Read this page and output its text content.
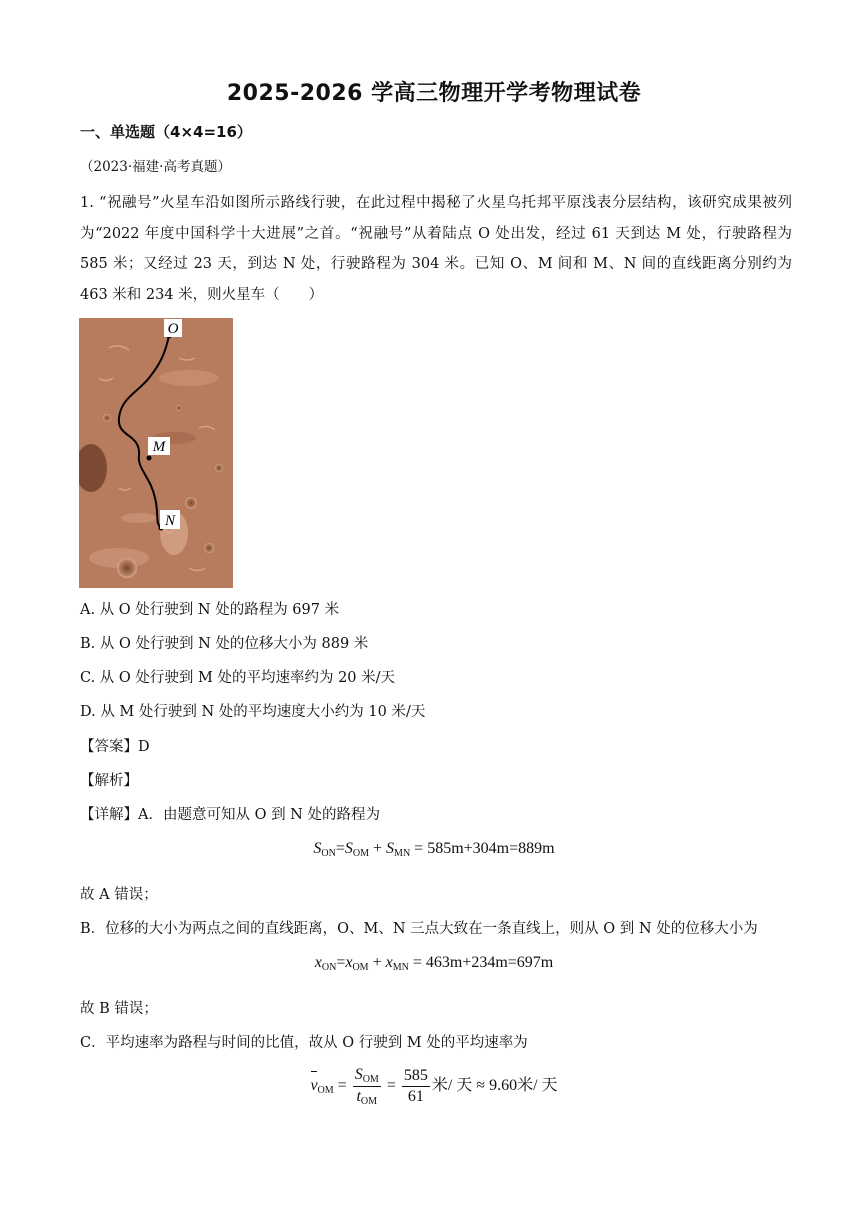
2025-2026 学高三物理开学考物理试卷
一、单选题（4×4=16）
（2023·福建·高考真题）
1. “祝融号”火星车沿如图所示路线行驶，在此过程中揭秘了火星乌托邦平原浅表分层结构，该研究成果被列为“2022 年度中国科学十大进展”之首。“祝融号”从着陆点 O 处出发，经过 61 天到达 M 处，行驶路程为 585 米；又经过 23 天，到达 N 处，行驶路程为 304 米。已知 O、M 间和 M、N 间的直线距离分别约为 463 米和 234 米，则火星车（　　）
O
M
N
A. 从 O 处行驶到 N 处的路程为 697 米
B. 从 O 处行驶到 N 处的位移大小为 889 米
C. 从 O 处行驶到 M 处的平均速率约为 20 米/天
D. 从 M 处行驶到 N 处的平均速度大小约为 10 米/天
【答案】D
【解析】
【详解】A．由题意可知从 O 到 N 处的路程为
$S_{ON}=S_{OM} + S_{MN} = 585m+304m=889m$
故 A 错误；
B．位移的大小为两点之间的直线距离，O、M、N 三点大致在一条直线上，则从 O 到 N 处的位移大小为
$x_{ON}=x_{OM} + x_{MN} = 463m+234m=697m$
故 B 错误；
C．平均速率为路程与时间的比值，故从 O 行驶到 M 处的平均速率为
$v_{OM} = \frac{S_{OM}}{t_{OM}} = \frac{585}{61}$ 米/ 天 ≈ 9.60米/ 天
